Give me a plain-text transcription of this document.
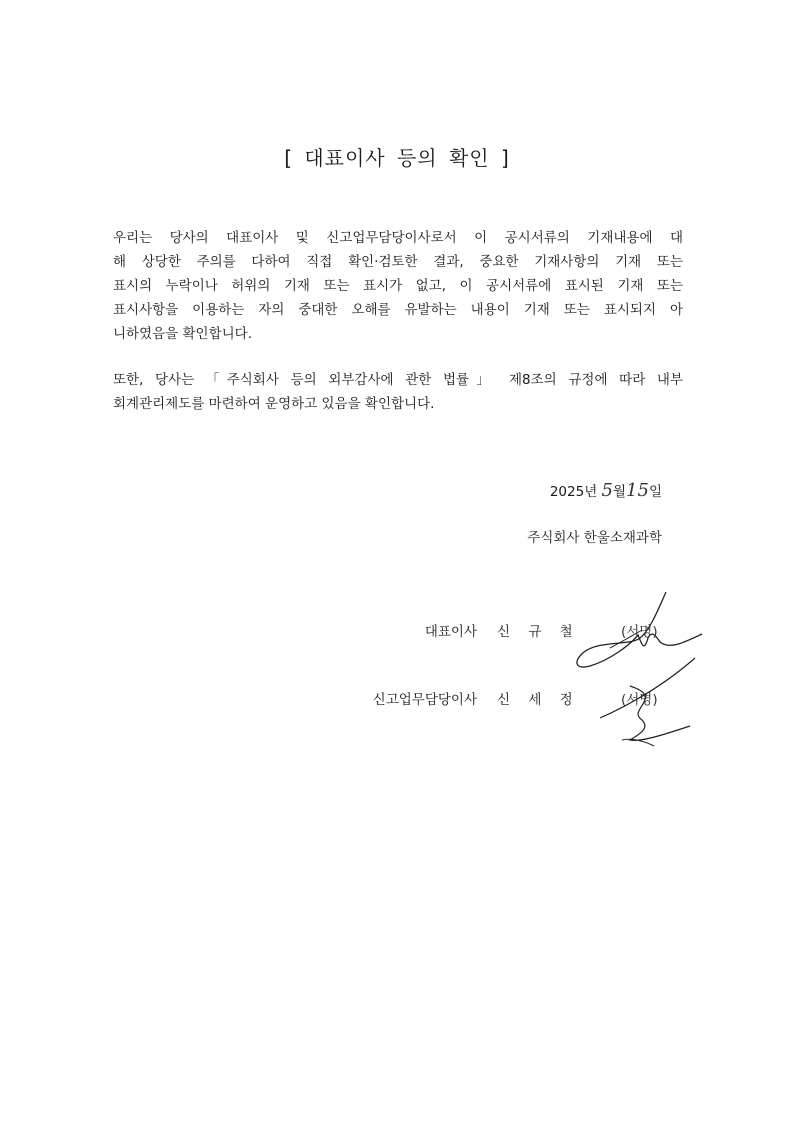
[ 대표이사 등의 확인 ]
우리는 당사의 대표이사 및 신고업무담당이사로서 이 공시서류의 기재내용에 대
해 상당한 주의를 다하여 직접 확인·검토한 결과, 중요한 기재사항의 기재 또는
표시의 누락이나 허위의 기재 또는 표시가 없고, 이 공시서류에 표시된 기재 또는
표시사항을 이용하는 자의 중대한 오해를 유발하는 내용이 기재 또는 표시되지 아
니하였음을 확인합니다.
또한, 당사는 「주식회사 등의 외부감사에 관한 법률」 제8조의 규정에 따라 내부
회계관리제도를 마련하여 운영하고 있음을 확인합니다.
2025년 5월15일
주식회사 한울소재과학
대표이사 신 규 철	(서명)
신고업무담당이사 신 세 정	(서명)
